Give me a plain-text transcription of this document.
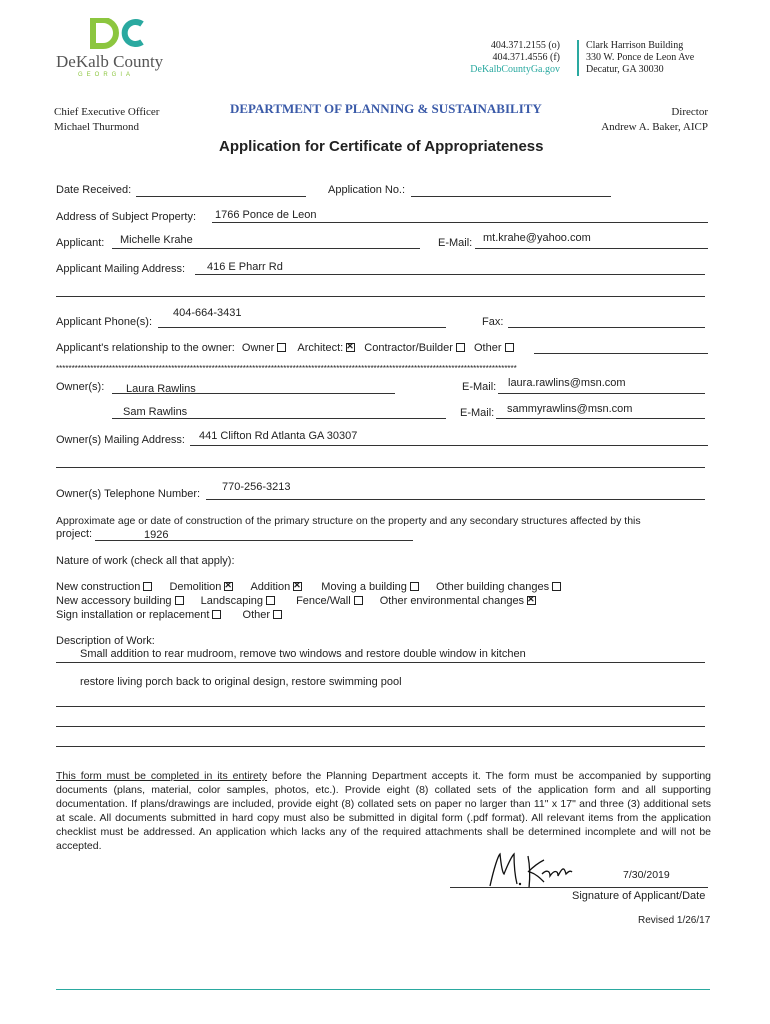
DeKalb County
GEORGIA
404.371.2155 (o)
404.371.4556 (f)
DeKalbCountyGa.gov
Clark Harrison Building
330 W. Ponce de Leon Ave
Decatur, GA 30030
Chief Executive Officer
Michael Thurmond
DEPARTMENT OF PLANNING & SUSTAINABILITY	Director
Andrew A. Baker, AICP
Application for Certificate of Appropriateness
Date Received:	Application No.:
Address of Subject Property: 1766 Ponce de Leon
Applicant: Michelle Krahe	E-Mail: mt.krahe@yahoo.com
Applicant Mailing Address: 416 E Pharr Rd
Applicant Phone(s):
404-664-3431
Fax:
Applicant's relationship to the owner: Owner Architect: ✕ Contractor/Builder Other
****************************************************************************************************************************************************
Owner(s): Laura Rawlins	E-Mail: laura.rawlins@msn.com
Sam Rawlins	E-Mail: sammyrawlins@msn.com
Owner(s) Mailing Address: 441 Clifton Rd Atlanta GA 30307
Owner(s) Telephone Number:
770-256-3213
Approximate age or date of construction of the primary structure on the property and any secondary structures affected by this
project:	1926
Nature of work (check all that apply):
New construction	Demolition ✕	Addition ✕	Moving a building	Other building changes
New accessory building	Landscaping	Fence/Wall	Other environmental changes✕
Sign installation or replacement	Other
Description of Work:
Small addition to rear mudroom, remove two windows and restore double window in kitchen
restore living porch back to original design, restore swimming pool
This form must be completed in its entirety before the Planning Department accepts it. The form must be accompanied by supporting documents (plans, material, color samples, photos, etc.). Provide eight (8) collated sets of the application form and all supporting documentation. If plans/drawings are included, provide eight (8) collated sets on paper no larger than 11" x 17" and three (3) additional sets at scale. All documents submitted in hard copy must also be submitted in digital form (.pdf format). All relevant items from the application checklist must be addressed. An application which lacks any of the required attachments shall be determined incomplete and will not be accepted.
7/30/2019
Signature of Applicant/Date
Revised 1/26/17
